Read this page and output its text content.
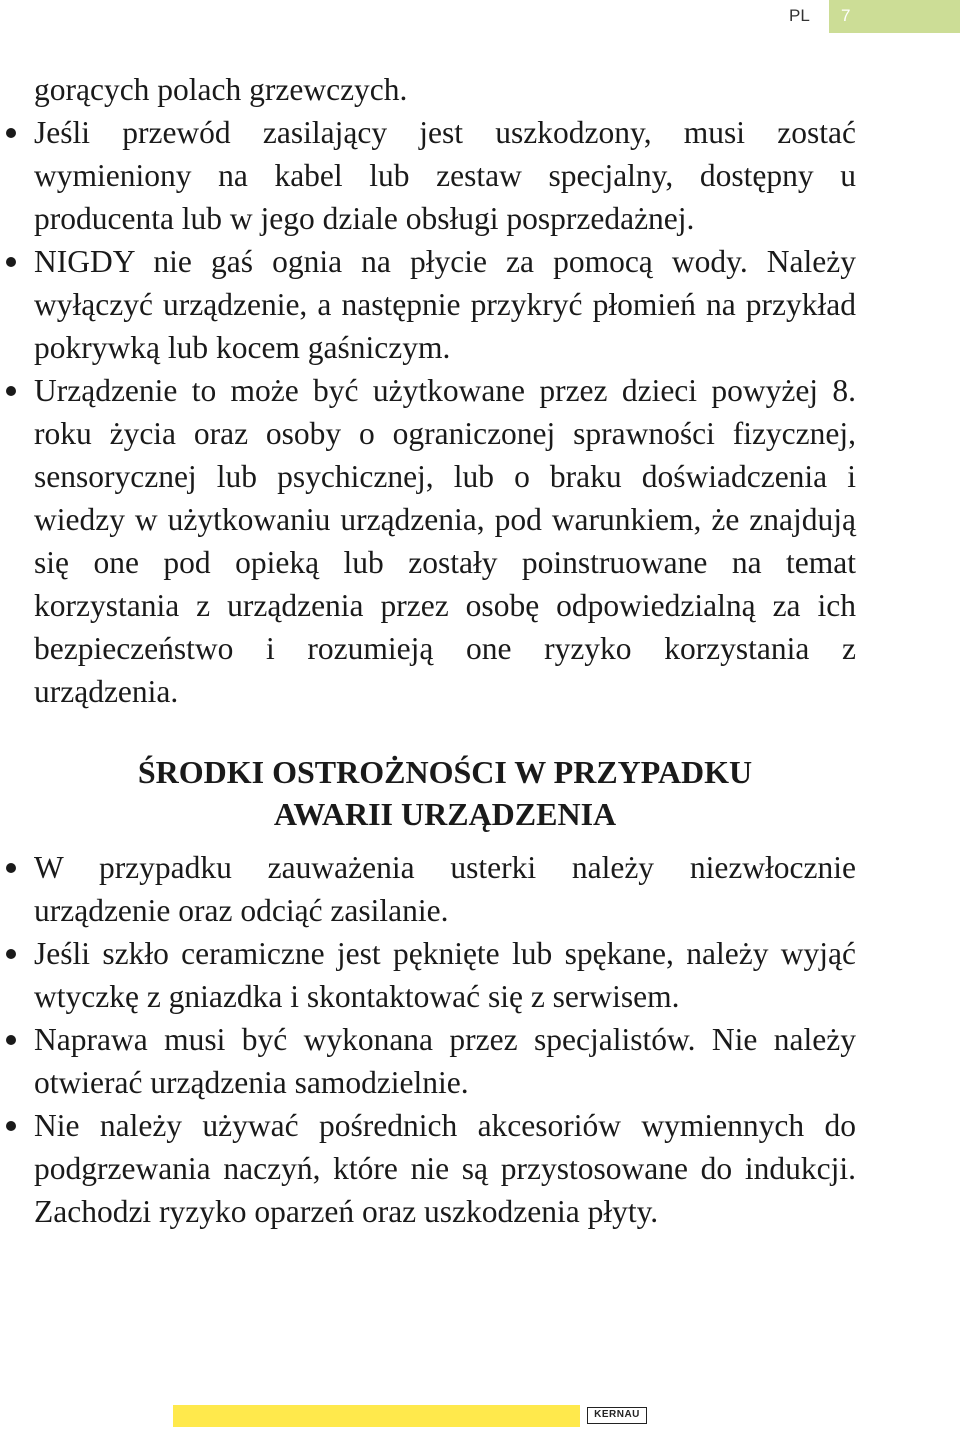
PL 7

gorących polach grzewczych.

Jeśli przewód zasilający jest uszkodzony, musi zostać wymieniony na kabel lub zestaw specjalny, dostępny u producenta lub w jego dziale obsługi posprzedażnej.
NIGDY nie gaś ognia na płycie za pomocą wody. Należy wyłączyć urządzenie, a następnie przykryć płomień na przykład pokrywką lub kocem gaśniczym.
Urządzenie to może być użytkowane przez dzieci powyżej 8. roku życia oraz osoby o ograniczonej sprawności fizycznej, sensorycznej lub psychicznej, lub o braku doświadczenia i wiedzy w użytkowaniu urządzenia, pod warunkiem, że znajdują się one pod opieką lub zostały poinstruowane na temat korzystania z urządzenia przez osobę odpowiedzialną za ich bezpieczeństwo i rozumieją one ryzyko korzystania z urządzenia.
ŚRODKI OSTROŻNOŚCI W PRZYPADKU
AWARII URZĄDZENIA
W przypadku zauważenia usterki należy niezwłocznie urządzenie oraz odciąć zasilanie.
Jeśli szkło ceramiczne jest pęknięte lub spękane, należy wyjąć wtyczkę z gniazdka i skontaktować się z serwisem.
Naprawa musi być wykonana przez specjalistów. Nie należy otwierać urządzenia samodzielnie.
Nie należy używać pośrednich akcesoriów wymiennych do podgrzewania naczyń, które nie są przystosowane do indukcji. Zachodzi ryzyko oparzeń oraz uszkodzenia płyty.
KERNAU
